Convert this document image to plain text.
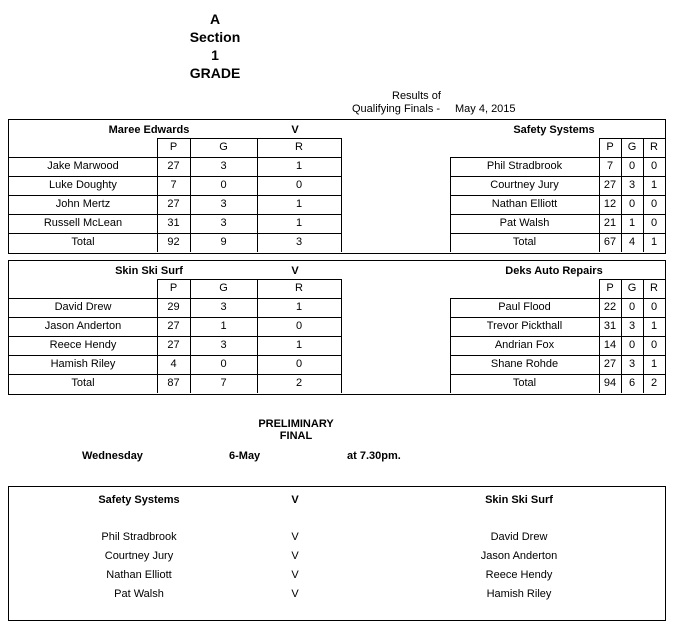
A
Section
1
GRADE
Results of
Qualifying Finals - May 4, 2015
Maree Edwards	V	Safety Systems
P	G	R
Jake Marwood	27	3	1
Luke Doughty	7	0	0
John Mertz	27	3	1
Russell McLean	31	3	1
Total	92	9	3
P	G	R
Phil Stradbrook	7	0	0
Courtney Jury	27	3	1
Nathan Elliott	12	0	0
Pat Walsh	21	1	0
Total	67	4	1
Skin Ski Surf	V	Deks Auto Repairs
P	G	R
David Drew	29	3	1
Jason Anderton	27	1	0
Reece Hendy	27	3	1
Hamish Riley	4	0	0
Total	87	7	2
P	G	R
Paul Flood	22	0	0
Trevor Pickthall	31	3	1
Andrian Fox	14	0	0
Shane Rohde	27	3	1
Total	94	6	2
PRELIMINARY
FINAL
Wednesday	6-May	at 7.30pm.
Safety Systems	V	Skin Ski Surf
Phil Stradbrook	V	David Drew
Courtney Jury	V	Jason Anderton
Nathan Elliott	V	Reece Hendy
Pat Walsh	V	Hamish Riley
